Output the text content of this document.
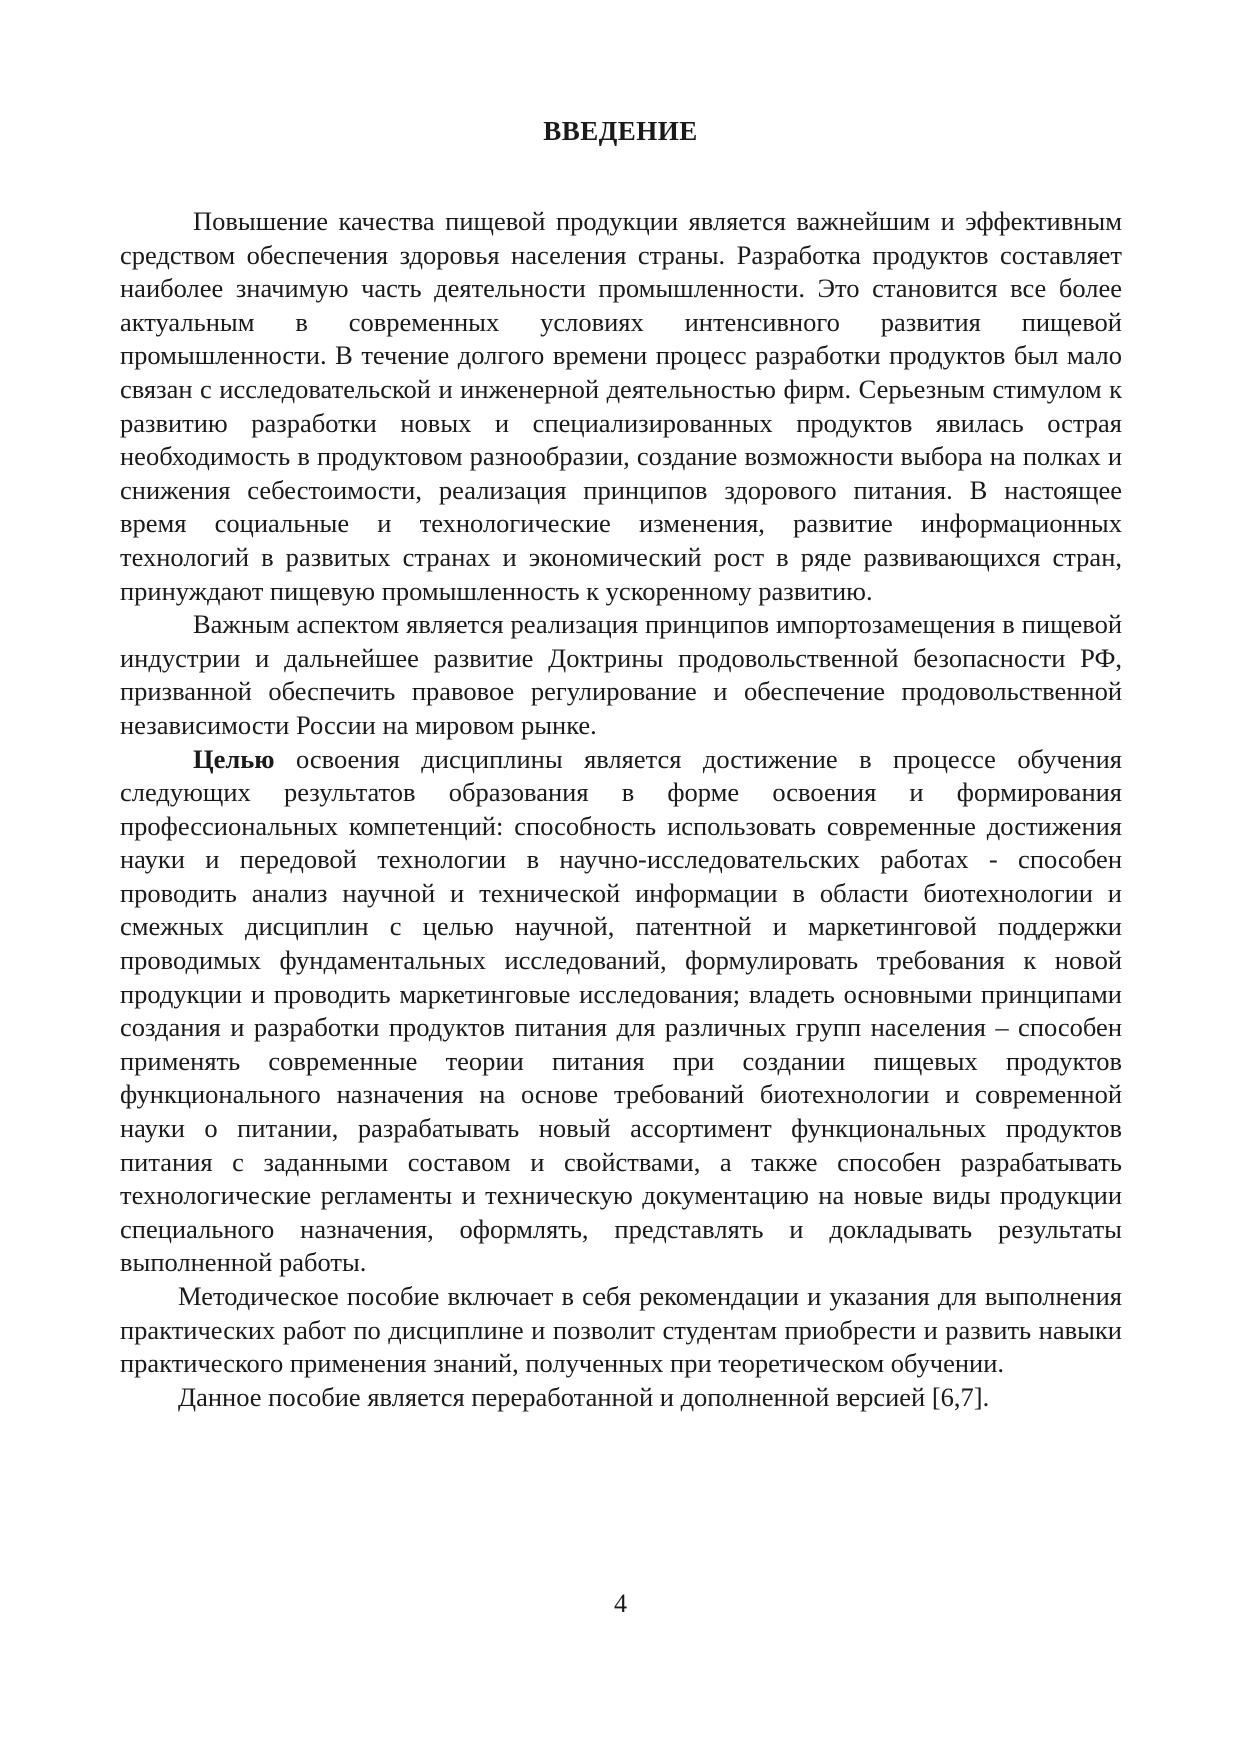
ВВЕДЕНИЕ

Повышение качества пищевой продукции является важнейшим и эффективным средством обеспечения здоровья населения страны. Разработка продуктов составляет наиболее значимую часть деятельности промышленности. Это становится все более актуальным в современных условиях интенсивного развития пищевой промышленности. В течение долгого времени процесс разработки продуктов был мало связан с исследовательской и инженерной деятельностью фирм. Серьезным стимулом к развитию разработки новых и специализированных продуктов явилась острая необходимость в продуктовом разнообразии, создание возможности выбора на полках и снижения себестоимости, реализация принципов здорового питания. В настоящее время социальные и технологические изменения, развитие информационных технологий в развитых странах и экономический рост в ряде развивающихся стран, принуждают пищевую промышленность к ускоренному развитию.

Важным аспектом является реализация принципов импортозамещения в пищевой индустрии и дальнейшее развитие Доктрины продовольственной безопасности РФ, призванной обеспечить правовое регулирование и обеспечение продовольственной независимости России на мировом рынке.

Целью освоения дисциплины является достижение в процессе обучения следующих результатов образования в форме освоения и формирования профессиональных компетенций: способность использовать современные достижения науки и передовой технологии в научно-исследовательских работах - способен проводить анализ научной и технической информации в области биотехнологии и смежных дисциплин с целью научной, патентной и маркетинговой поддержки проводимых фундаментальных исследований, формулировать требования к новой продукции и проводить маркетинговые исследования; владеть основными принципами создания и разработки продуктов питания для различных групп населения – способен применять современные теории питания при создании пищевых продуктов функционального назначения на основе требований биотехнологии и современной науки о питании, разрабатывать новый ассортимент функциональных продуктов питания с заданными составом и свойствами, а также способен разрабатывать технологические регламенты и техническую документацию на новые виды продукции специального назначения, оформлять, представлять и докладывать результаты выполненной работы.

Методическое пособие включает в себя рекомендации и указания для выполнения практических работ по дисциплине и позволит студентам приобрести и развить навыки практического применения знаний, полученных при теоретическом обучении.

Данное пособие является переработанной и дополненной версией [6,7].

4
